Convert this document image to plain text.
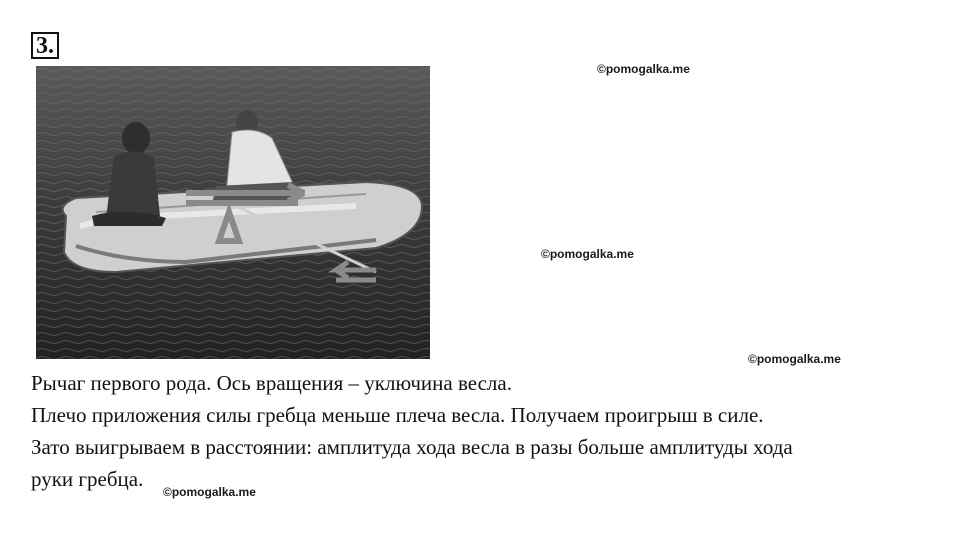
3.
©pomogalka.me
©pomogalka.me
©pomogalka.me

Рычаг первого рода. Ось вращения – уключина весла.

Плечо приложения силы гребца меньше плеча весла. Получаем проигрыш в силе.

Зато выигрываем в расстоянии: амплитуда хода весла в разы больше амплитуды хода

руки гребца.

©pomogalka.me
